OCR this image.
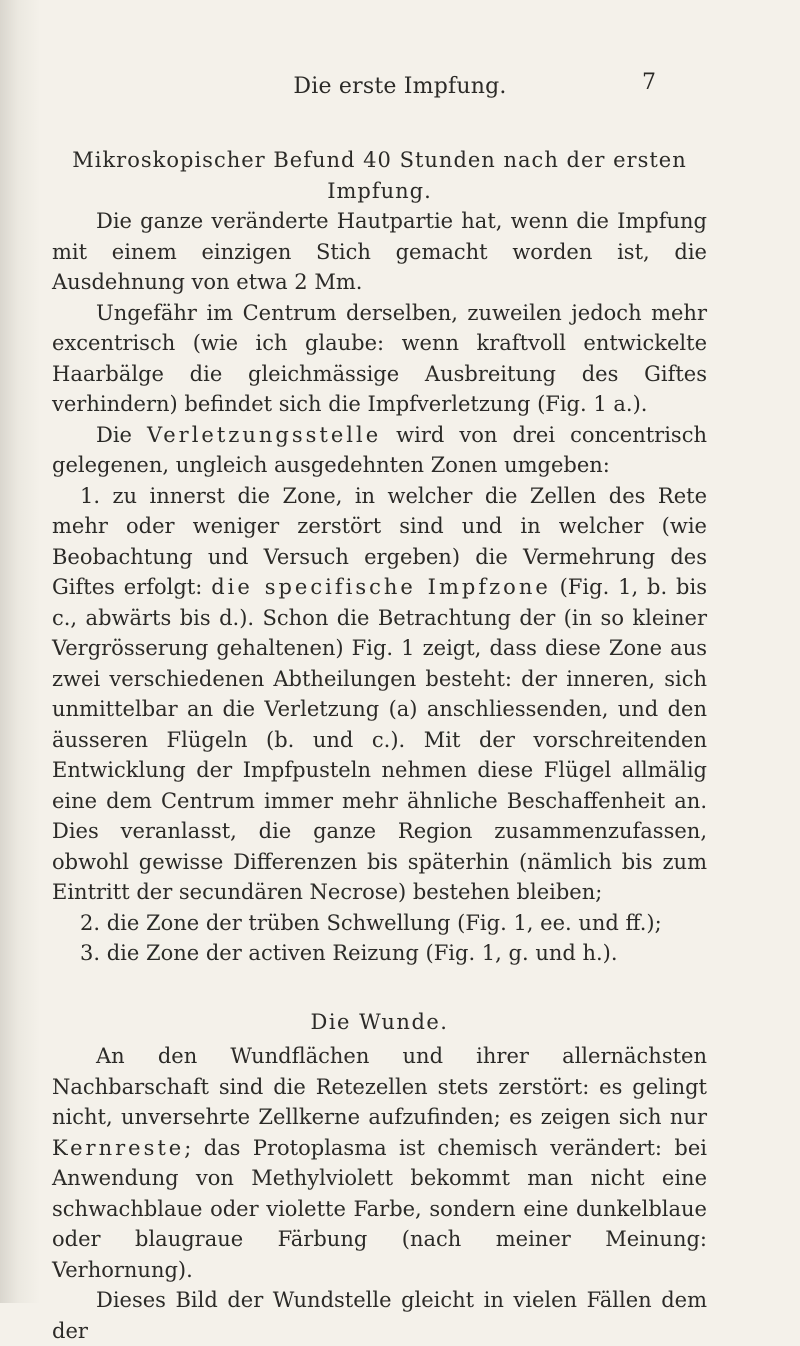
Die erste Impfung.	7

Mikroskopischer Befund 40 Stunden nach der ersten
Impfung.

Die ganze veränderte Hautpartie hat, wenn die Impfung mit einem einzigen Stich gemacht worden ist, die Ausdehnung von etwa 2 Mm.

Ungefähr im Centrum derselben, zuweilen jedoch mehr excentrisch (wie ich glaube: wenn kraftvoll entwickelte Haarbälge die gleichmässige Ausbreitung des Giftes verhindern) befindet sich die Impfverletzung (Fig. 1 a.).

Die Verletzungsstelle wird von drei concentrisch gelegenen, ungleich ausgedehnten Zonen umgeben:

1. zu innerst die Zone, in welcher die Zellen des Rete mehr oder weniger zerstört sind und in welcher (wie Beobachtung und Versuch ergeben) die Vermehrung des Giftes erfolgt: die specifische Impfzone (Fig. 1, b. bis c., abwärts bis d.). Schon die Betrachtung der (in so kleiner Vergrösserung gehaltenen) Fig. 1 zeigt, dass diese Zone aus zwei verschiedenen Abtheilungen besteht: der inneren, sich unmittelbar an die Verletzung (a) anschliessenden, und den äusseren Flügeln (b. und c.). Mit der vorschreitenden Entwicklung der Impfpusteln nehmen diese Flügel allmälig eine dem Centrum immer mehr ähnliche Beschaffenheit an. Dies veranlasst, die ganze Region zusammenzufassen, obwohl gewisse Differenzen bis späterhin (nämlich bis zum Eintritt der secundären Necrose) bestehen bleiben;

2. die Zone der trüben Schwellung (Fig. 1, ee. und ff.);

3. die Zone der activen Reizung (Fig. 1, g. und h.).

Die Wunde.

An den Wundflächen und ihrer allernächsten Nachbarschaft sind die Retezellen stets zerstört: es gelingt nicht, unversehrte Zellkerne aufzufinden; es zeigen sich nur Kernreste; das Protoplasma ist chemisch verändert: bei Anwendung von Methylviolett bekommt man nicht eine schwachblaue oder violette Farbe, sondern eine dunkelblaue oder blaugraue Färbung (nach meiner Meinung: Verhornung).

Dieses Bild der Wundstelle gleicht in vielen Fällen dem der
